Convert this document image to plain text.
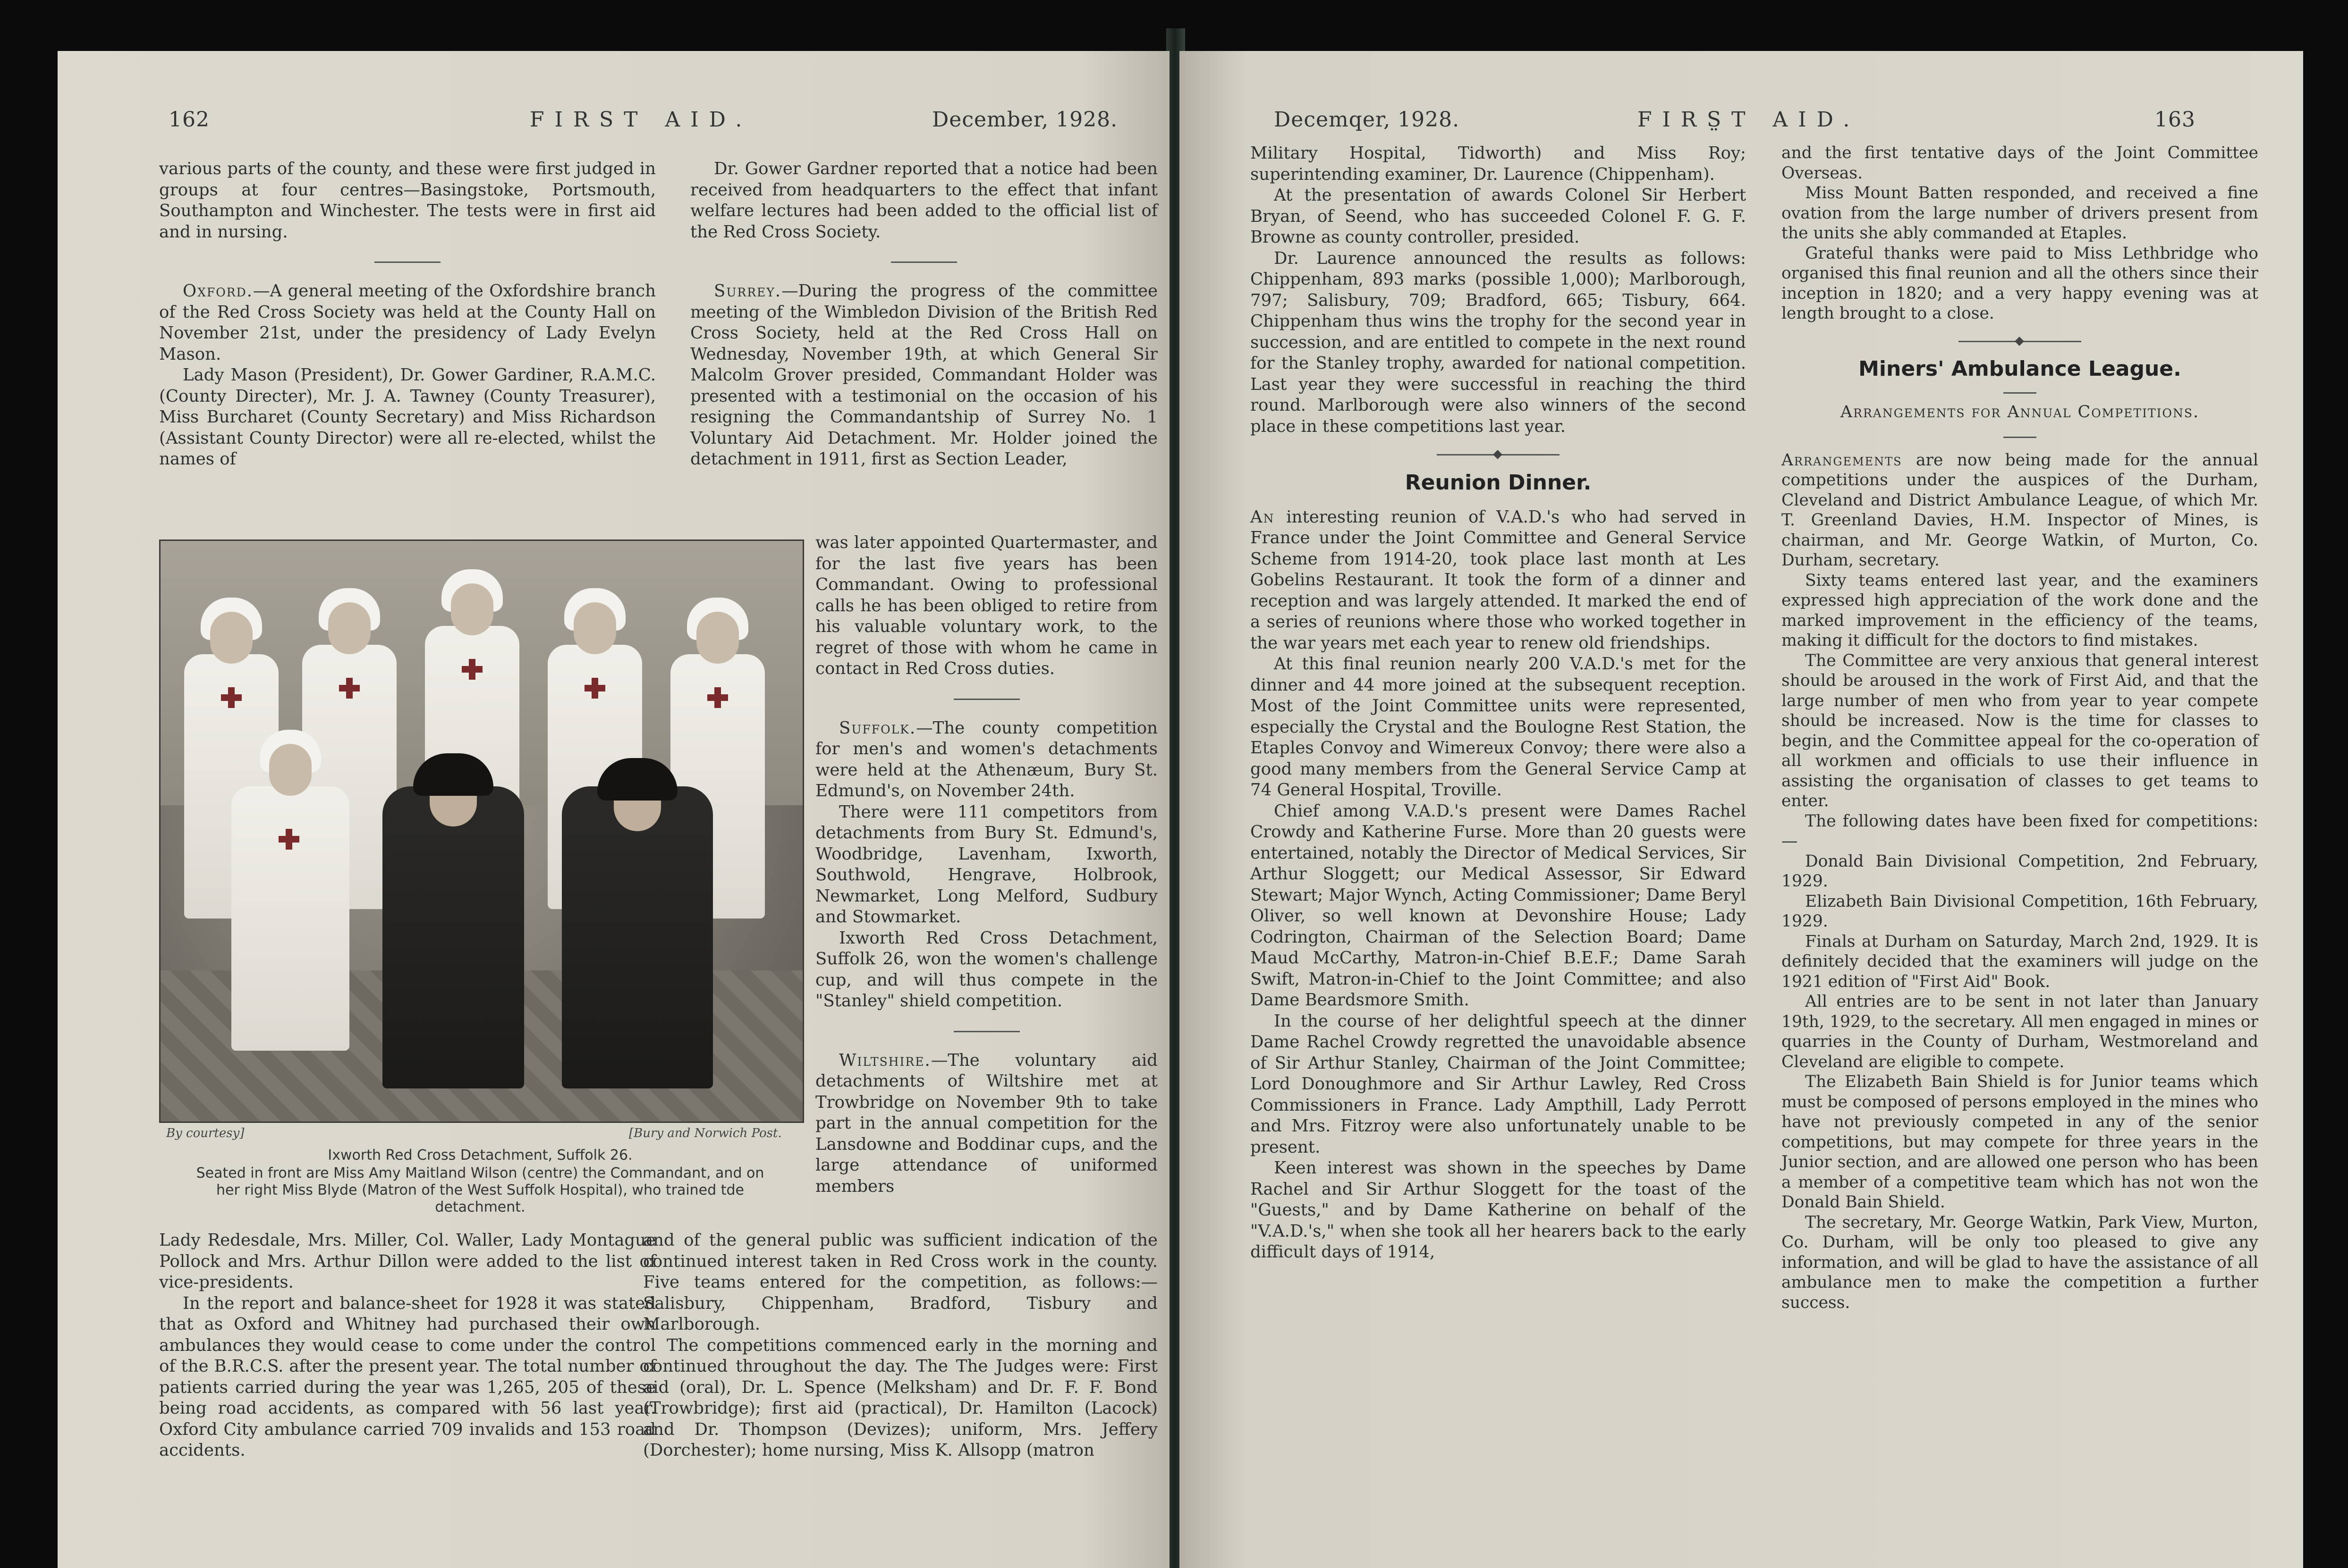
162	FIRST AID.	December, 1928.

various parts of the county, and these were first judged in groups at four centres—Basingstoke, Portsmouth, Southampton and Winchester. The tests were in first aid and in nursing.

Oxford.—A general meeting of the Oxfordshire branch of the Red Cross Society was held at the County Hall on November 21st, under the presidency of Lady Evelyn Mason.

Lady Mason (President), Dr. Gower Gardiner, R.A.M.C. (County Directer), Mr. J. A. Tawney (County Treasurer), Miss Burcharet (County Secretary) and Miss Richardson (Assistant County Director) were all re-elected, whilst the names of

Dr. Gower Gardner reported that a notice had been received from headquarters to the effect that infant welfare lectures had been added to the official list of the Red Cross Society.

Surrey.—During the progress of the committee meeting of the Wimbledon Division of the British Red Cross Society, held at the Red Cross Hall on Wednesday, November 19th, at which General Sir Malcolm Grover presided, Commandant Holder was presented with a testimonial on the occasion of his resigning the Commandantship of Surrey No. 1 Voluntary Aid Detachment. Mr. Holder joined the detachment in 1911, first as Section Leader,

was later appointed Quartermaster, and for the last five years has been Commandant. Owing to professional calls he has been obliged to retire from his valuable voluntary work, to the regret of those with whom he came in contact in Red Cross duties.

Suffolk.—The county competition for men's and women's detachments were held at the Athenæum, Bury St. Edmund's, on November 24th.

There were 111 competitors from detachments from Bury St. Edmund's, Woodbridge, Lavenham, Ixworth, Southwold, Hengrave, Holbrook, Newmarket, Long Melford, Sudbury and Stowmarket.

Ixworth Red Cross Detachment, Suffolk 26, won the women's challenge cup, and will thus compete in the "Stanley" shield competition.

Wiltshire.—The voluntary aid detachments of Wiltshire met at Trowbridge on November 9th to take part in the annual competition for the Lansdowne and Boddinar cups, and the large attendance of uniformed members

By courtesy]	[Bury and Norwich Post.
Ixworth Red Cross Detachment, Suffolk 26.
Seated in front are Miss Amy Maitland Wilson (centre) the Commandant, and on her right Miss Blyde (Matron of the West Suffolk Hospital), who trained tde detachment.

Lady Redesdale, Mrs. Miller, Col. Waller, Lady Montague Pollock and Mrs. Arthur Dillon were added to the list of vice-presidents.

In the report and balance-sheet for 1928 it was stated that as Oxford and Whitney had purchased their own ambulances they would cease to come under the control of the B.R.C.S. after the present year. The total number of patients carried during the year was 1,265, 205 of these being road accidents, as compared with 56 last year. Oxford City ambulance carried 709 invalids and 153 road accidents.

and of the general public was sufficient indication of the continued interest taken in Red Cross work in the county. Five teams entered for the competition, as follows:—Salisbury, Chippenham, Bradford, Tisbury and Marlborough.

The competitions commenced early in the morning and continued throughout the day. The The Judges were: First aid (oral), Dr. L. Spence (Melksham) and Dr. F. F. Bond (Trowbridge); first aid (practical), Dr. Hamilton (Lacock) and Dr. Thompson (Devizes); uniform, Mrs. Jeffery (Dorchester); home nursing, Miss K. Allsopp (matron

Decemqer, 1928.	FIRS̤T AID.	163

Military Hospital, Tidworth) and Miss Roy; superintending examiner, Dr. Laurence (Chippenham).

At the presentation of awards Colonel Sir Herbert Bryan, of Seend, who has succeeded Colonel F. G. F. Browne as county controller, presided.

Dr. Laurence announced the results as follows: Chippenham, 893 marks (possible 1,000); Marlborough, 797; Salisbury, 709; Bradford, 665; Tisbury, 664. Chippenham thus wins the trophy for the second year in succession, and are entitled to compete in the next round for the Stanley trophy, awarded for national competition. Last year they were successful in reaching the third round. Marlborough were also winners of the second place in these competitions last year.

Reunion Dinner.

An interesting reunion of V.A.D.'s who had served in France under the Joint Committee and General Service Scheme from 1914-20, took place last month at Les Gobelins Restaurant. It took the form of a dinner and reception and was largely attended. It marked the end of a series of reunions where those who worked together in the war years met each year to renew old friendships.

At this final reunion nearly 200 V.A.D.'s met for the dinner and 44 more joined at the subsequent reception. Most of the Joint Committee units were represented, especially the Crystal and the Boulogne Rest Station, the Etaples Convoy and Wimereux Convoy; there were also a good many members from the General Service Camp at 74 General Hospital, Troville.

Chief among V.A.D.'s present were Dames Rachel Crowdy and Katherine Furse. More than 20 guests were entertained, notably the Director of Medical Services, Sir Arthur Sloggett; our Medical Assessor, Sir Edward Stewart; Major Wynch, Acting Commissioner; Dame Beryl Oliver, so well known at Devonshire House; Lady Codrington, Chairman of the Selection Board; Dame Maud McCarthy, Matron-in-Chief B.E.F.; Dame Sarah Swift, Matron-in-Chief to the Joint Committee; and also Dame Beardsmore Smith.

In the course of her delightful speech at the dinner Dame Rachel Crowdy regretted the unavoidable absence of Sir Arthur Stanley, Chairman of the Joint Committee; Lord Donoughmore and Sir Arthur Lawley, Red Cross Commissioners in France. Lady Ampthill, Lady Perrott and Mrs. Fitzroy were also unfortunately unable to be present.

Keen interest was shown in the speeches by Dame Rachel and Sir Arthur Sloggett for the toast of the "Guests," and by Dame Katherine on behalf of the "V.A.D.'s," when she took all her hearers back to the early difficult days of 1914,

and the first tentative days of the Joint Committee Overseas.

Miss Mount Batten responded, and received a fine ovation from the large number of drivers present from the units she ably commanded at Etaples.

Grateful thanks were paid to Miss Lethbridge who organised this final reunion and all the others since their inception in 1820; and a very happy evening was at length brought to a close.

Miners' Ambulance League.
Arrangements for Annual Competitions.

Arrangements are now being made for the annual competitions under the auspices of the Durham, Cleveland and District Ambulance League, of which Mr. T. Greenland Davies, H.M. Inspector of Mines, is chairman, and Mr. George Watkin, of Murton, Co. Durham, secretary.

Sixty teams entered last year, and the examiners expressed high appreciation of the work done and the marked improvement in the efficiency of the teams, making it difficult for the doctors to find mistakes.

The Committee are very anxious that general interest should be aroused in the work of First Aid, and that the large number of men who from year to year compete should be increased. Now is the time for classes to begin, and the Committee appeal for the co-operation of all workmen and officials to use their influence in assisting the organisation of classes to get teams to enter.

The following dates have been fixed for competitions:—

Donald Bain Divisional Competition, 2nd February, 1929.

Elizabeth Bain Divisional Competition, 16th February, 1929.

Finals at Durham on Saturday, March 2nd, 1929. It is definitely decided that the examiners will judge on the 1921 edition of "First Aid" Book.

All entries are to be sent in not later than January 19th, 1929, to the secretary. All men engaged in mines or quarries in the County of Durham, Westmoreland and Cleveland are eligible to compete.

The Elizabeth Bain Shield is for Junior teams which must be composed of persons employed in the mines who have not previously competed in any of the senior competitions, but may compete for three years in the Junior section, and are allowed one person who has been a member of a competitive team which has not won the Donald Bain Shield.

The secretary, Mr. George Watkin, Park View, Murton, Co. Durham, will be only too pleased to give any information, and will be glad to have the assistance of all ambulance men to make the competition a further success.
